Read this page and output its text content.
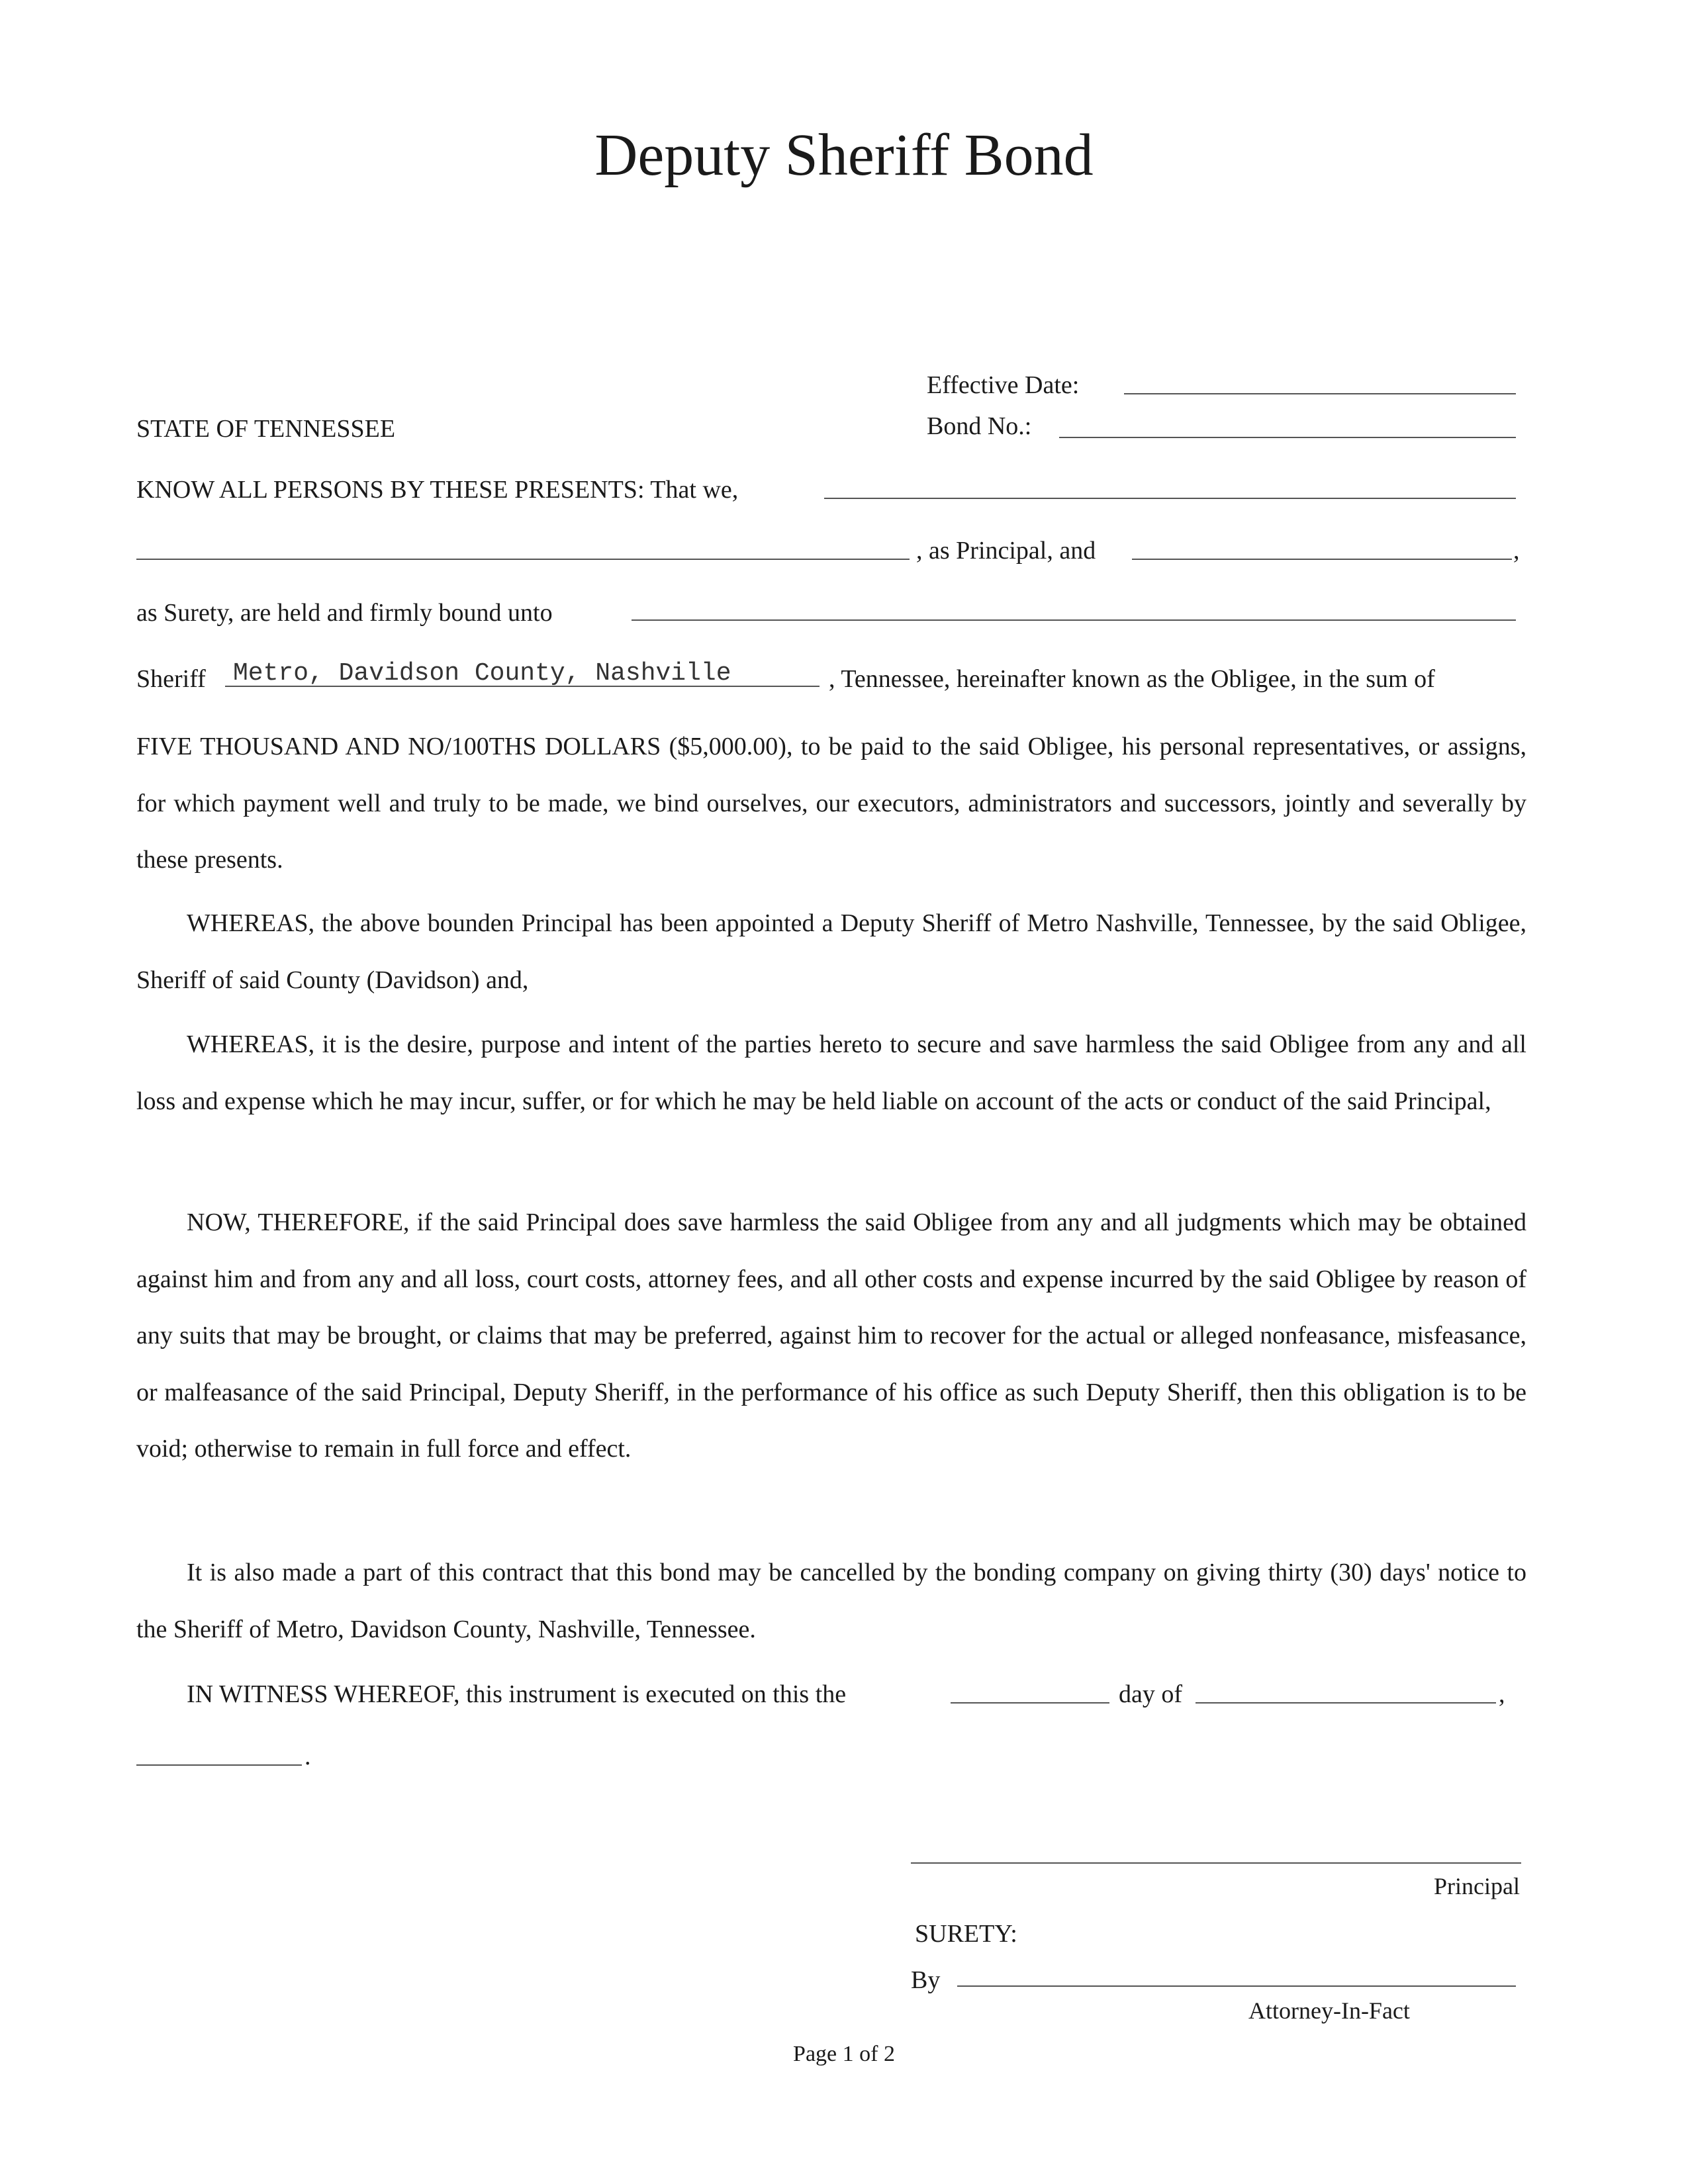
Deputy Sheriff Bond
Effective Date:
STATE OF TENNESSEE	Bond No.:
KNOW ALL PERSONS BY THESE PRESENTS: That we,
, as Principal, and	,
as Surety, are held and firmly bound unto
Sheriff Metro, Davidson County, Nashville	, Tennessee, hereinafter known as the Obligee, in the sum of

FIVE THOUSAND AND NO/100THS DOLLARS ($5,000.00), to be paid to the said Obligee, his personal representatives, or assigns, for which payment well and truly to be made, we bind ourselves, our executors, administrators and successors, jointly and severally by these presents.

WHEREAS, the above bounden Principal has been appointed a Deputy Sheriff of Metro Nashville, Tennessee, by the said Obligee, Sheriff of said County (Davidson) and,

WHEREAS, it is the desire, purpose and intent of the parties hereto to secure and save harmless the said Obligee from any and all loss and expense which he may incur, suffer, or for which he may be held liable on account of the acts or conduct of the said Principal,

NOW, THEREFORE, if the said Principal does save harmless the said Obligee from any and all judgments which may be obtained against him and from any and all loss, court costs, attorney fees, and all other costs and expense incurred by the said Obligee by reason of any suits that may be brought, or claims that may be preferred, against him to recover for the actual or alleged nonfeasance, misfeasance, or malfeasance of the said Principal, Deputy Sheriff, in the performance of his office as such Deputy Sheriff, then this obligation is to be void; otherwise to remain in full force and effect.

It is also made a part of this contract that this bond may be cancelled by the bonding company on giving thirty (30) days' notice to the Sheriff of Metro, Davidson County, Nashville, Tennessee.

IN WITNESS WHEREOF, this instrument is executed on this the	day of	,
.
Principal
SURETY:
By
Attorney-In-Fact
Page 1 of 2
